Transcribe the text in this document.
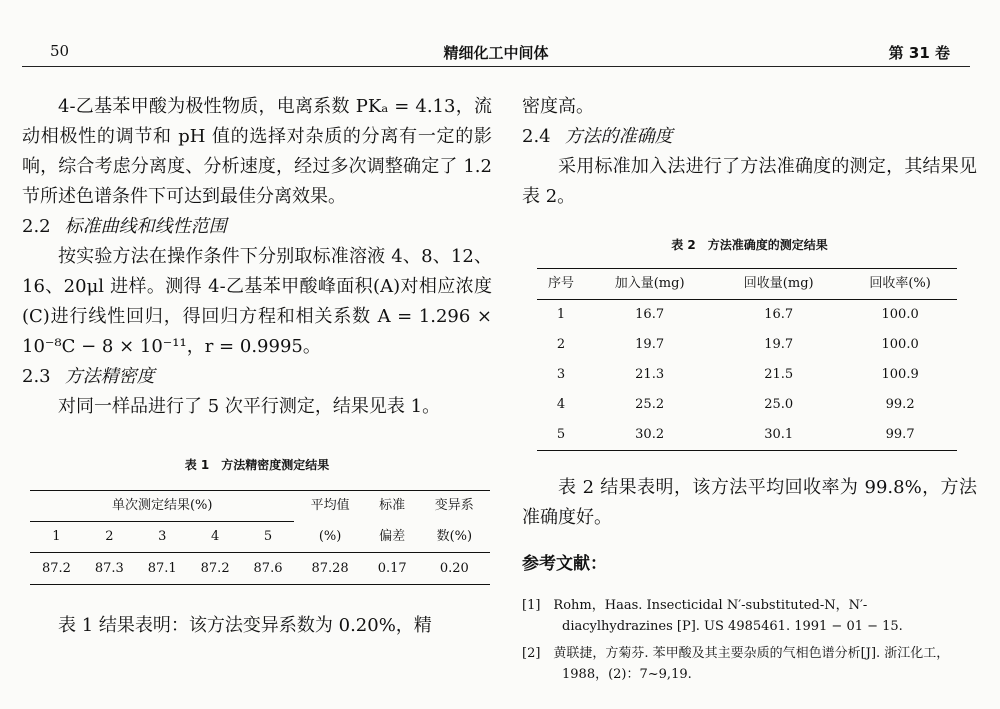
50	精细化工中间体	第 31 卷

4-乙基苯甲酸为极性物质，电离系数 PKₐ = 4.13，流动相极性的调节和 pH 值的选择对杂质的分离有一定的影响，综合考虑分离度、分析速度，经过多次调整确定了 1.2 节所述色谱条件下可达到最佳分离效果。

2.2 标准曲线和线性范围

按实验方法在操作条件下分别取标准溶液 4、8、12、16、20μl 进样。测得 4-乙基苯甲酸峰面积(A)对相应浓度(C)进行线性回归，得回归方程和相关系数 A = 1.296 × 10⁻⁸C − 8 × 10⁻¹¹，r = 0.9995。

2.3 方法精密度

对同一样品进行了 5 次平行测定，结果见表 1。

表 1　方法精密度测定结果

单次测定结果(%)					平均值	标准	变异系
1	2	3	4	5	(%)	偏差	数(%)
87.2	87.3	87.1	87.2	87.6	87.28	0.17	0.20

表 1 结果表明：该方法变异系数为 0.20%，精

密度高。

2.4 方法的准确度

采用标准加入法进行了方法准确度的测定，其结果见表 2。

表 2　方法准确度的测定结果

序号	加入量(mg)	回收量(mg)	回收率(%)
1	16.7	16.7	100.0
2	19.7	19.7	100.0
3	21.3	21.5	100.9
4	25.2	25.0	99.2
5	30.2	30.1	99.7

表 2 结果表明，该方法平均回收率为 99.8%，方法准确度好。

参考文献：

[1]　Rohm，Haas. Insecticidal N′-substituted-N，N′-diacylhydrazines [P]. US 4985461. 1991 − 01 − 15.

[2]　黄联捷，方菊芬. 苯甲酸及其主要杂质的气相色谱分析[J]. 浙江化工，1988，(2)：7~9,19.
